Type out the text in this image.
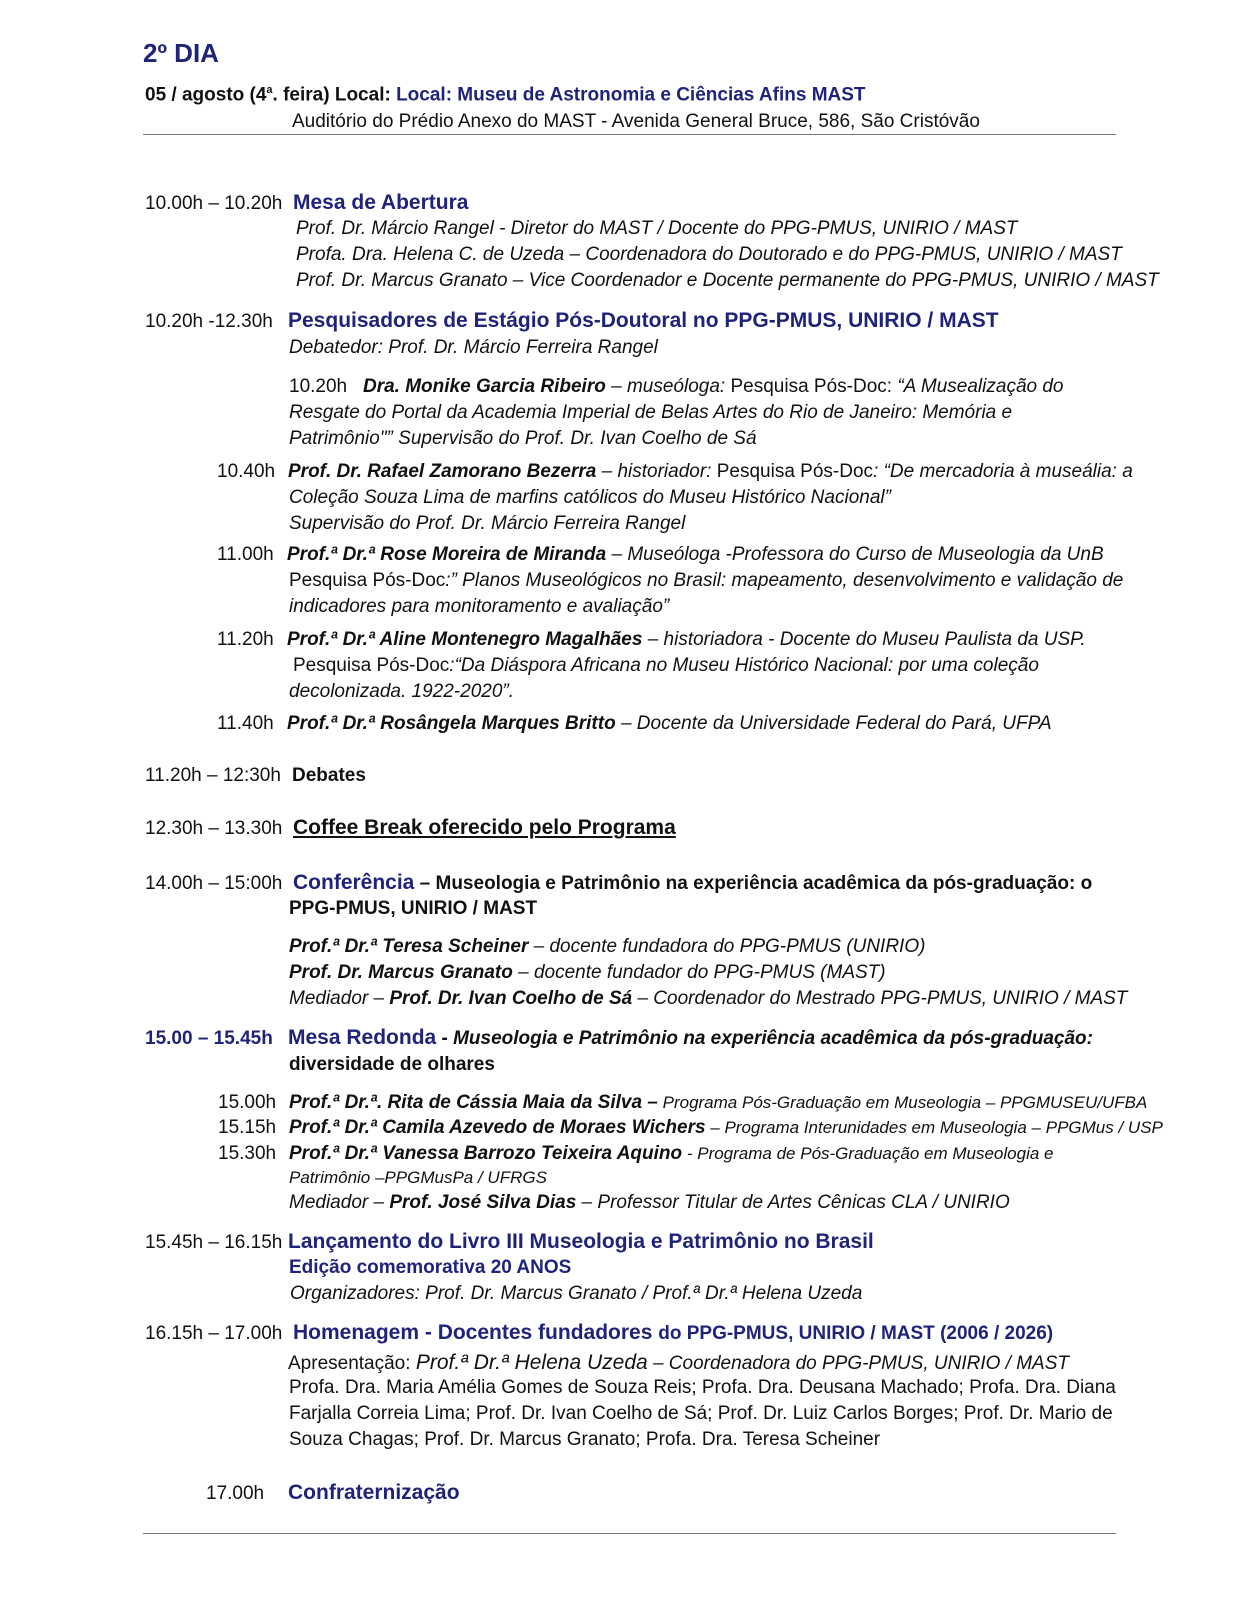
2º DIA
05 / agosto (4$^a$. feira) Local: Local: Museu de Astronomia e Ciências Afins MAST
Auditório do Prédio Anexo do MAST - Avenida General Bruce, 586, São Cristóvão
10.00h – 10.20h Mesa de Abertura
Prof. Dr. Márcio Rangel - Diretor do MAST / Docente do PPG-PMUS, UNIRIO / MAST
Profa. Dra. Helena C. de Uzeda – Coordenadora do Doutorado e do PPG-PMUS, UNIRIO / MAST
Prof. Dr. Marcus Granato – Vice Coordenador e Docente permanente do PPG-PMUS, UNIRIO / MAST
10.20h -12.30h Pesquisadores de Estágio Pós-Doutoral no PPG-PMUS, UNIRIO / MAST
Debatedor: Prof. Dr. Márcio Ferreira Rangel
10.20h Dra. Monike Garcia Ribeiro – museóloga: Pesquisa Pós-Doc: “A Musealização do
Resgate do Portal da Academia Imperial de Belas Artes do Rio de Janeiro: Memória e
Patrimônio"” Supervisão do Prof. Dr. Ivan Coelho de Sá
10.40h Prof. Dr. Rafael Zamorano Bezerra – historiador: Pesquisa Pós-Doc: “De mercadoria à museália: a
Coleção Souza Lima de marfins católicos do Museu Histórico Nacional”
Supervisão do Prof. Dr. Márcio Ferreira Rangel
11.00h Prof.ª Dr.ª Rose Moreira de Miranda – Museóloga -Professora do Curso de Museologia da UnB
Pesquisa Pós-Doc:” Planos Museológicos no Brasil: mapeamento, desenvolvimento e validação de
indicadores para monitoramento e avaliação”
11.20h Prof.ª Dr.ª Aline Montenegro Magalhães – historiadora - Docente do Museu Paulista da USP.
Pesquisa Pós-Doc:“Da Diáspora Africana no Museu Histórico Nacional: por uma coleção
decolonizada. 1922-2020”.
11.40h Prof.ª Dr.ª Rosângela Marques Britto – Docente da Universidade Federal do Pará, UFPA
11.20h – 12:30h Debates
12.30h – 13.30h Coffee Break oferecido pelo Programa
14.00h – 15:00h Conferência – Museologia e Patrimônio na experiência acadêmica da pós-graduação: o
PPG-PMUS, UNIRIO / MAST
Prof.ª Dr.ª Teresa Scheiner – docente fundadora do PPG-PMUS (UNIRIO)
Prof. Dr. Marcus Granato – docente fundador do PPG-PMUS (MAST)
Mediador – Prof. Dr. Ivan Coelho de Sá – Coordenador do Mestrado PPG-PMUS, UNIRIO / MAST
15.00 – 15.45h Mesa Redonda - Museologia e Patrimônio na experiência acadêmica da pós-graduação:
diversidade de olhares
15.00h Prof.ª Dr.ª. Rita de Cássia Maia da Silva – Programa Pós-Graduação em Museologia – PPGMUSEU/UFBA
15.15h Prof.ª Dr.ª Camila Azevedo de Moraes Wichers – Programa Interunidades em Museologia – PPGMus / USP
15.30h Prof.ª Dr.ª Vanessa Barrozo Teixeira Aquino - Programa de Pós-Graduação em Museologia e
Patrimônio –PPGMusPa / UFRGS
Mediador – Prof. José Silva Dias – Professor Titular de Artes Cênicas CLA / UNIRIO
15.45h – 16.15h Lançamento do Livro III Museologia e Patrimônio no Brasil
Edição comemorativa 20 ANOS
Organizadores: Prof. Dr. Marcus Granato / Prof.ª Dr.ª Helena Uzeda
16.15h – 17.00h Homenagem - Docentes fundadores do PPG-PMUS, UNIRIO / MAST (2006 / 2026)
Apresentação: Prof.ª Dr.ª Helena Uzeda – Coordenadora do PPG-PMUS, UNIRIO / MAST
Profa. Dra. Maria Amélia Gomes de Souza Reis; Profa. Dra. Deusana Machado; Profa. Dra. Diana
Farjalla Correia Lima; Prof. Dr. Ivan Coelho de Sá; Prof. Dr. Luiz Carlos Borges; Prof. Dr. Mario de
Souza Chagas; Prof. Dr. Marcus Granato; Profa. Dra. Teresa Scheiner
17.00h Confraternização
